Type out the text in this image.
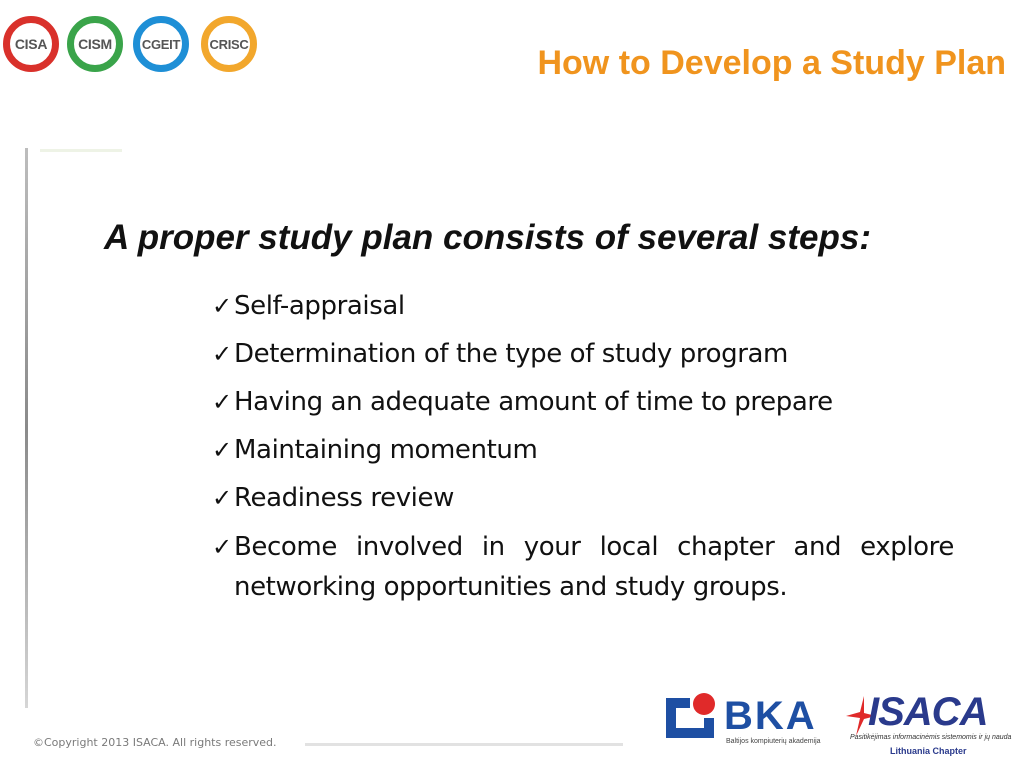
CISA CISM CGEIT CRISC	How to Develop a Study Plan
A proper study plan consists of several steps:
✓ Self-appraisal
✓ Determination of the type of study program
✓ Having an adequate amount of time to prepare
✓ Maintaining momentum
✓ Readiness review
✓ Become involved in your local chapter and explore networking opportunities and study groups.
©Copyright 2013 ISACA. All rights reserved.
BKA
Baltijos kompiuterių akademija
ISACA
Pasitikėjimas informacinėmis sistemomis ir jų nauda
Lithuania Chapter
